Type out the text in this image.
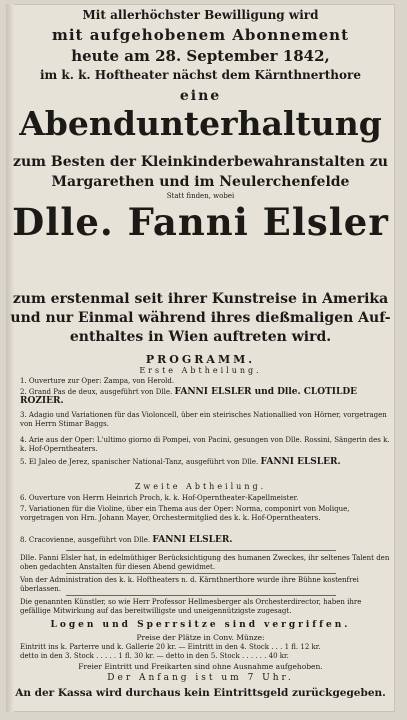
Mit allerhöchster Bewilligung wird
mit aufgehobenem Abonnement
heute am 28. September 1842,
im k. k. Hoftheater nächst dem Kärnthnerthore
eine
Abendunterhaltung
zum Besten der Kleinkinderbewahranstalten zu
Margarethen und im Neulerchenfelde
Statt finden, wobei
Dlle. Fanni Elsler
zum erstenmal seit ihrer Kunstreise in Amerika
und nur Einmal während ihres dießmaligen Auf-
enthaltes in Wien auftreten wird.
PROGRAMM.
Erste Abtheilung.
1. Ouverture zur Oper: Zampa, von Herold.
2. Grand Pas de deux, ausgeführt von Dlle. FANNI ELSLER und Dlle. CLOTILDE ROZIER.
3. Adagio und Variationen für das Violoncell, über ein steirisches Nationallied von Hörner, vorgetragen von Herrn Stimar Baggs.
4. Arie aus der Oper: L'ultimo giorno di Pompei, von Pacini, gesungen von Dlle. Rossini, Sängerin des k. k. Hof-Operntheaters.
5. El Jaleo de Jerez, spanischer National-Tanz, ausgeführt von Dlle. FANNI ELSLER.
Zweite Abtheilung.
6. Ouverture von Herrn Heinrich Proch, k. k. Hof-Operntheater-Kapellmeister.
7. Variationen für die Violine, über ein Thema aus der Oper: Norma, componirt von Molique, vorgetragen von Hrn. Johann Mayer, Orchestermitglied des k. k. Hof-Operntheaters.
8. Cracovienne, ausgeführt von Dlle. FANNI ELSLER.
Dlle. Fanni Elsler hat, in edelmüthiger Berücksichtigung des humanen Zweckes, ihr seltenes Talent den oben gedachten Anstalten für diesen Abend gewidmet.
Von der Administration des k. k. Hoftheaters n. d. Kärnthnerthore wurde ihre Bühne kostenfrei überlassen.
Die genannten Künstler, so wie Herr Professor Hellmesberger als Orchesterdirector, haben ihre gefällige Mitwirkung auf das bereitwilligste und uneigennützigste zugesagt.
Logen und Sperrsitze sind vergriffen.
Preise der Plätze in Conv. Münze:
Eintritt ins k. Parterre und k. Gallerie 20 kr. — Eintritt in den 4. Stock . . . 1 fl. 12 kr.
detto in den 3. Stock . . . . . 1 fl. 30 kr. — detto in den 5. Stock . . . . . . 40 kr.
Freier Eintritt und Freikarten sind ohne Ausnahme aufgehoben.
Der Anfang ist um 7 Uhr.
An der Kassa wird durchaus kein Eintrittsgeld zurückgegeben.
